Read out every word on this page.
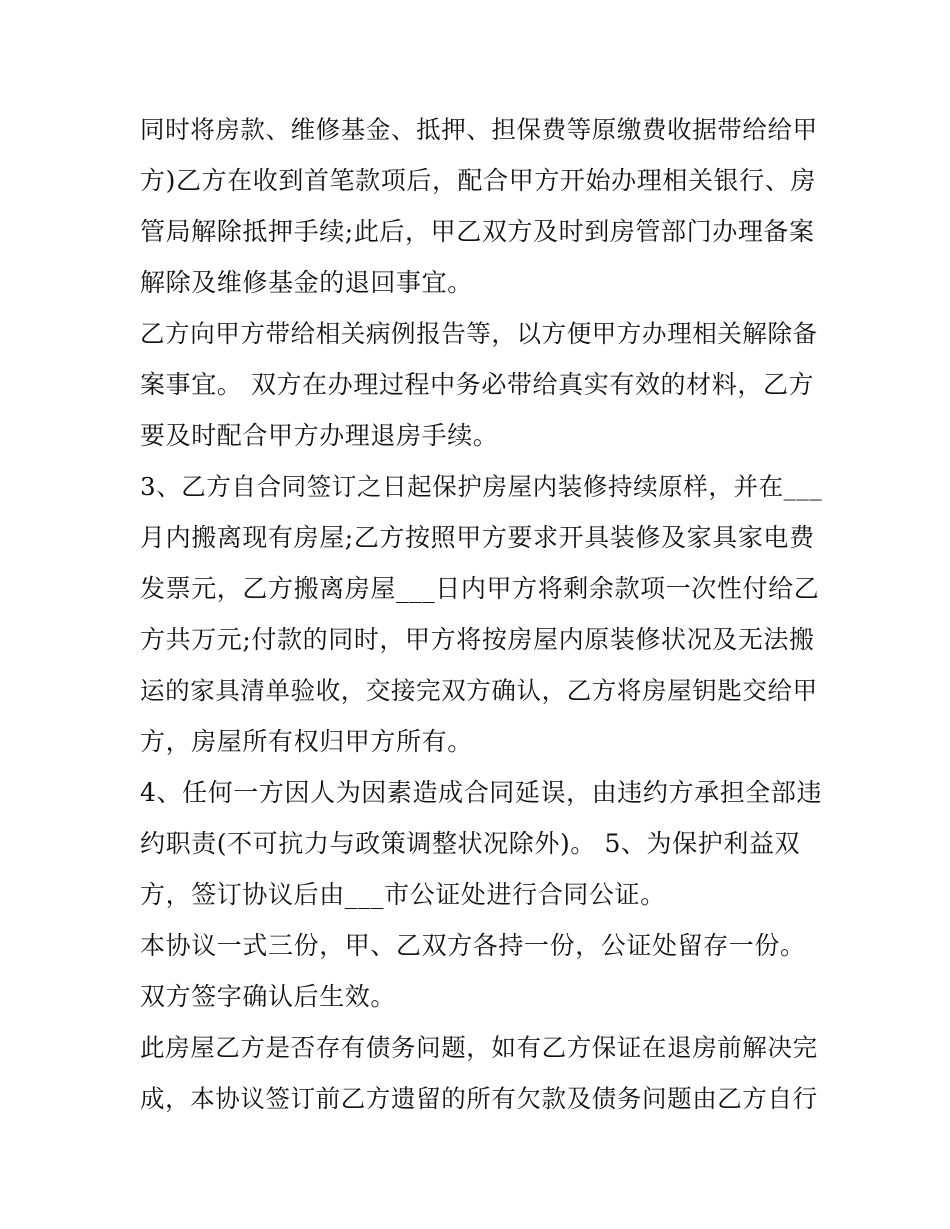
同时将房款、维修基金、抵押、担保费等原缴费收据带给给甲
方)乙方在收到首笔款项后，配合甲方开始办理相关银行、房
管局解除抵押手续;此后，甲乙双方及时到房管部门办理备案
解除及维修基金的退回事宜。
乙方向甲方带给相关病例报告等，以方便甲方办理相关解除备
案事宜。 双方在办理过程中务必带给真实有效的材料，乙方
要及时配合甲方办理退房手续。
3、乙方自合同签订之日起保护房屋内装修持续原样，并在___
月内搬离现有房屋;乙方按照甲方要求开具装修及家具家电费
发票元，乙方搬离房屋___日内甲方将剩余款项一次性付给乙
方共万元;付款的同时，甲方将按房屋内原装修状况及无法搬
运的家具清单验收，交接完双方确认，乙方将房屋钥匙交给甲
方，房屋所有权归甲方所有。
4、任何一方因人为因素造成合同延误，由违约方承担全部违
约职责(不可抗力与政策调整状况除外)。 5、为保护利益双
方，签订协议后由___市公证处进行合同公证。
本协议一式三份，甲、乙双方各持一份，公证处留存一份。
双方签字确认后生效。
此房屋乙方是否存有债务问题，如有乙方保证在退房前解决完
成，本协议签订前乙方遗留的所有欠款及债务问题由乙方自行
